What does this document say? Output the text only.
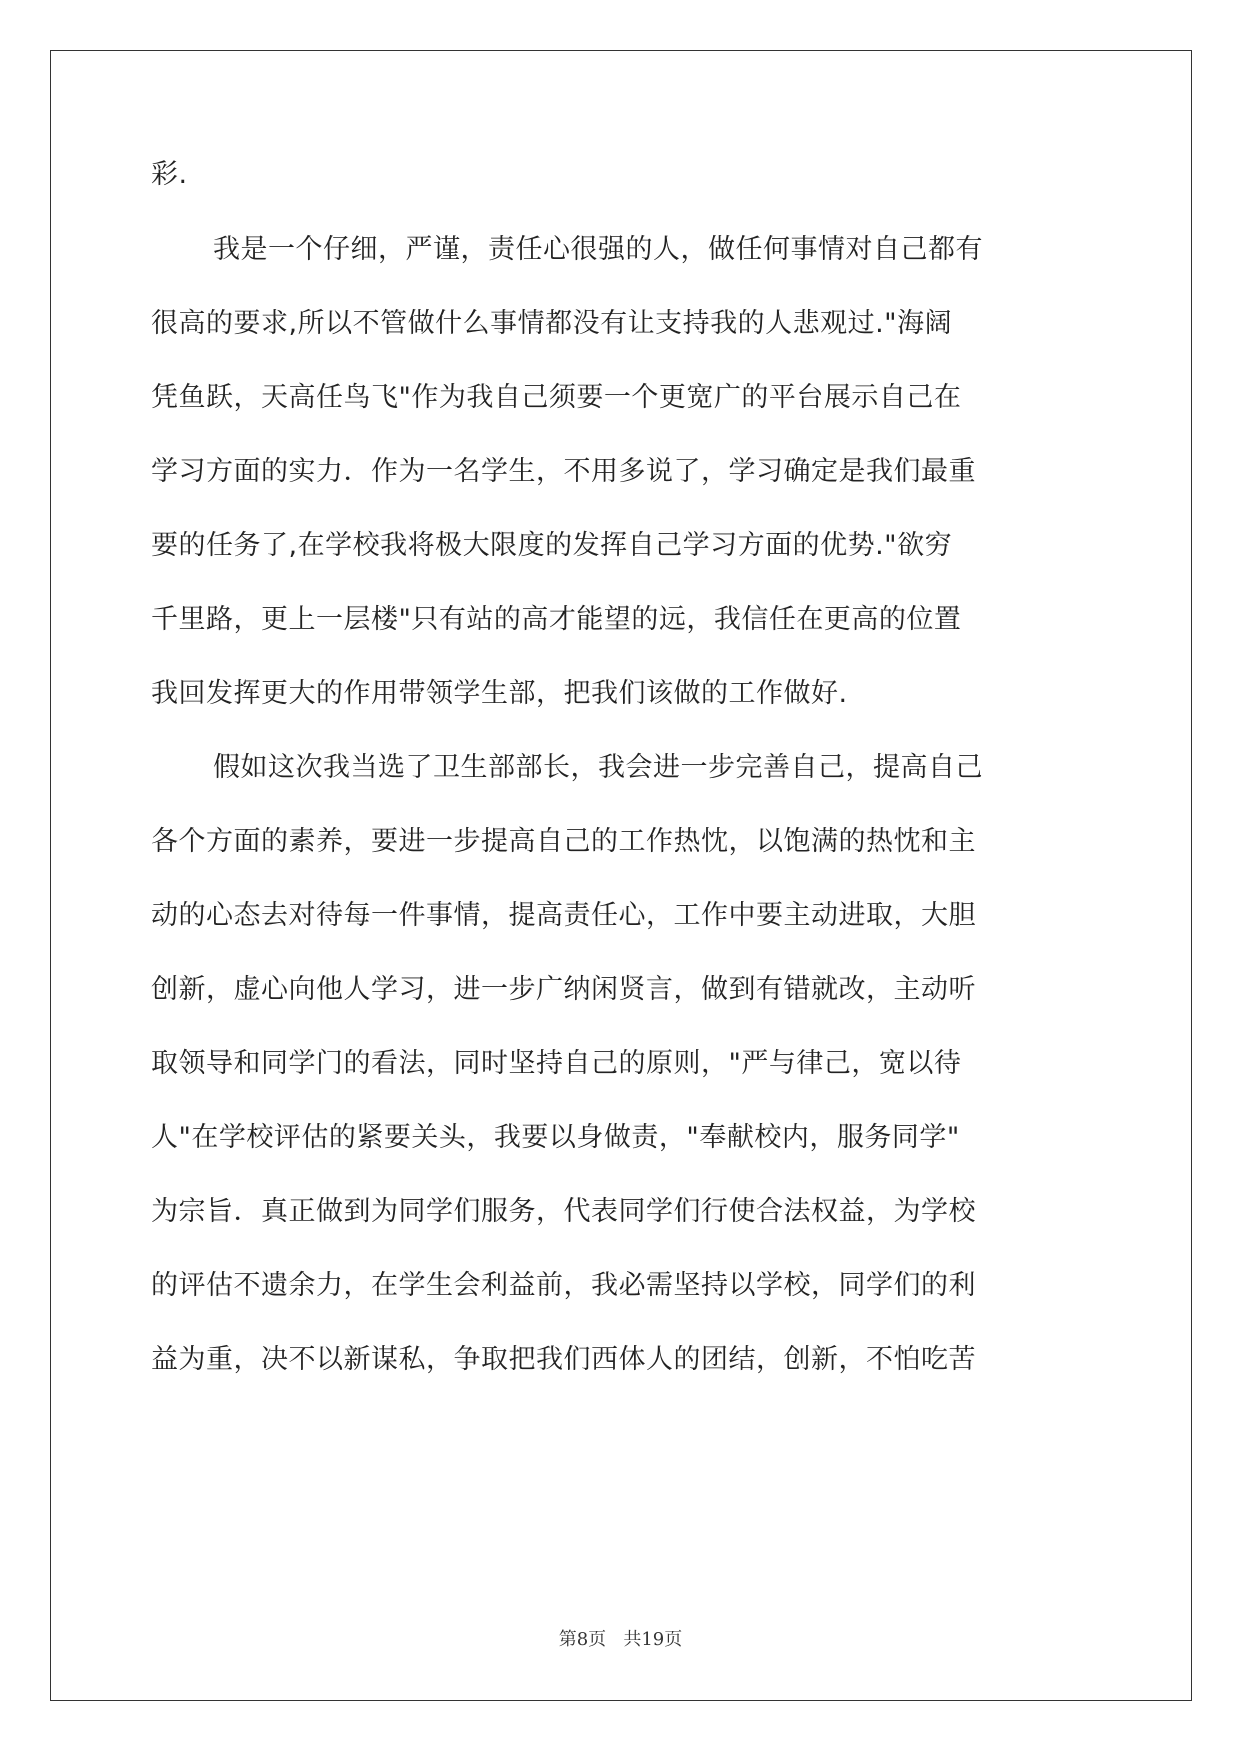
彩.
我是一个仔细，严谨，责任心很强的人，做任何事情对自己都有
很高的要求,所以不管做什么事情都没有让支持我的人悲观过."海阔
凭鱼跃，天高任鸟飞"作为我自己须要一个更宽广的平台展示自己在
学习方面的实力．作为一名学生，不用多说了，学习确定是我们最重
要的任务了,在学校我将极大限度的发挥自己学习方面的优势."欲穷
千里路，更上一层楼"只有站的高才能望的远，我信任在更高的位置
我回发挥更大的作用带领学生部，把我们该做的工作做好.
假如这次我当选了卫生部部长，我会进一步完善自己，提高自己
各个方面的素养，要进一步提高自己的工作热忱，以饱满的热忱和主
动的心态去对待每一件事情，提高责任心，工作中要主动进取，大胆
创新，虚心向他人学习，进一步广纳闲贤言，做到有错就改，主动听
取领导和同学门的看法，同时坚持自己的原则，"严与律己，宽以待
人"在学校评估的紧要关头，我要以身做责，"奉献校内，服务同学"
为宗旨．真正做到为同学们服务，代表同学们行使合法权益，为学校
的评估不遗余力，在学生会利益前，我必需坚持以学校，同学们的利
益为重，决不以新谋私，争取把我们西体人的团结，创新，不怕吃苦
第8页   共19页
